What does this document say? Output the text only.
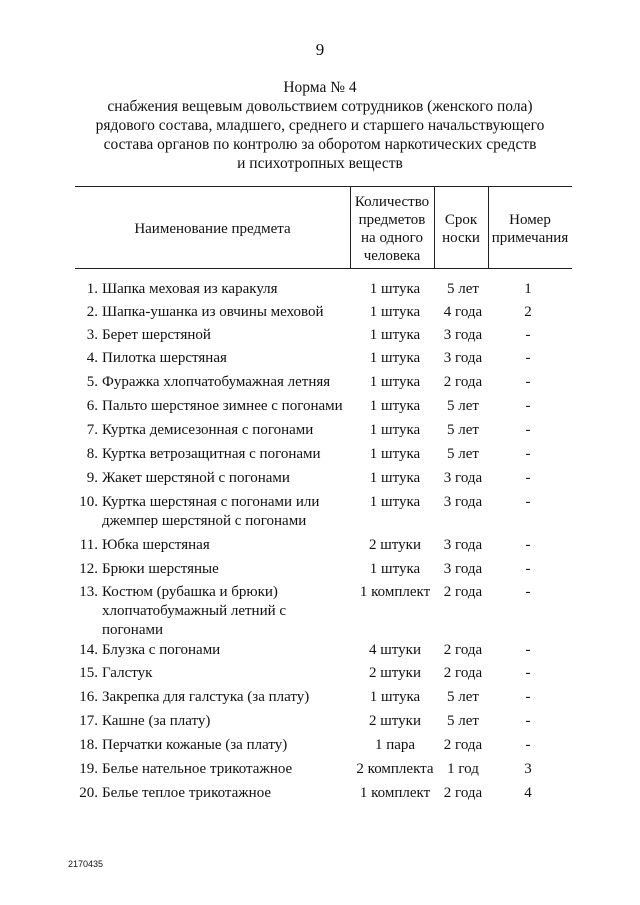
9
Норма № 4
снабжения вещевым довольствием сотрудников (женского пола)
рядового состава, младшего, среднего и старшего начальствующего
состава органов по контролю за оборотом наркотических средств
и психотропных веществ
Наименование предмета
Количество
предметов
на одного
человека
Срок
носки
Номер
примечания
1. Шапка меховая из каракуля	1 штука	5 лет	1
2. Шапка-ушанка из овчины меховой	1 штука	4 года	2
3. Берет шерстяной	1 штука	3 года	-
4. Пилотка шерстяная	1 штука	3 года	-
5. Фуражка хлопчатобумажная летняя	1 штука	2 года	-
6. Пальто шерстяное зимнее с погонами	1 штука	5 лет	-
7. Куртка демисезонная с погонами	1 штука	5 лет	-
8. Куртка ветрозащитная с погонами	1 штука	5 лет	-
9. Жакет шерстяной с погонами	1 штука	3 года	-
10. Куртка шерстяная с погонами или
джемпер шерстяной с погонами
1 штука	3 года	-
11. Юбка шерстяная	2 штуки	3 года	-
12. Брюки шерстяные	1 штука	3 года	-
13. Костюм (рубашка и брюки)
хлопчатобумажный летний с
погонами
1 комплект 2 года	-
14. Блузка с погонами	4 штуки	2 года	-
15. Галстук	2 штуки	2 года	-
16. Закрепка для галстука (за плату)	1 штука	5 лет	-
17. Кашне (за плату)	2 штуки	5 лет	-
18. Перчатки кожаные (за плату)	1 пара	2 года	-
19. Белье нательное трикотажное	2 комплекта 1 год	3
20. Белье теплое трикотажное	1 комплект 2 года	4
2170435
